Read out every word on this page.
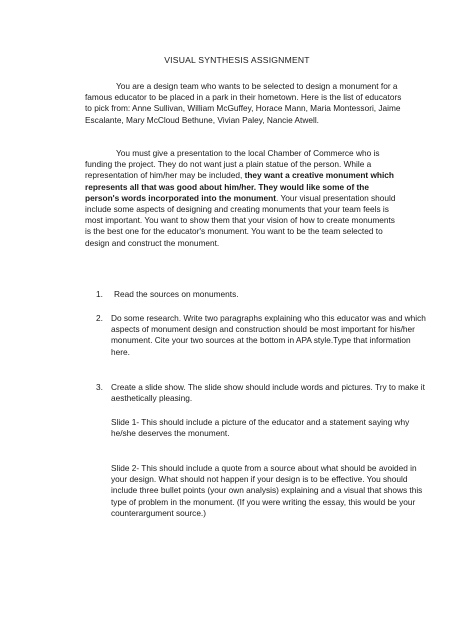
VISUAL SYNTHESIS ASSIGNMENT
You are a design team who wants to be selected to design a monument for a famous educator to be placed in a park in their hometown. Here is the list of educators to pick from: Anne Sullivan, William McGuffey, Horace Mann, Maria Montessori, Jaime Escalante, Mary McCloud Bethune, Vivian Paley, Nancie Atwell.
You must give a presentation to the local Chamber of Commerce who is funding the project. They do not want just a plain statue of the person. While a representation of him/her may be included, they want a creative monument which represents all that was good about him/her. They would like some of the person's words incorporated into the monument. Your visual presentation should include some aspects of designing and creating monuments that your team feels is most important. You want to show them that your vision of how to create monuments is the best one for the educator's monument. You want to be the team selected to design and construct the monument.
1.	Read the sources on monuments.
2. Do some research. Write two paragraphs explaining who this educator was and which aspects of monument design and construction should be most important for his/her monument. Cite your two sources at the bottom in APA style.Type that information here.
3. Create a slide show. The slide show should include words and pictures. Try to make it aesthetically pleasing.
Slide 1- This should include a picture of the educator and a statement saying why he/she deserves the monument.
Slide 2- This should include a quote from a source about what should be avoided in your design. What should not happen if your design is to be effective. You should include three bullet points (your own analysis) explaining and a visual that shows this type of problem in the monument. (If you were writing the essay, this would be your counterargument source.)
